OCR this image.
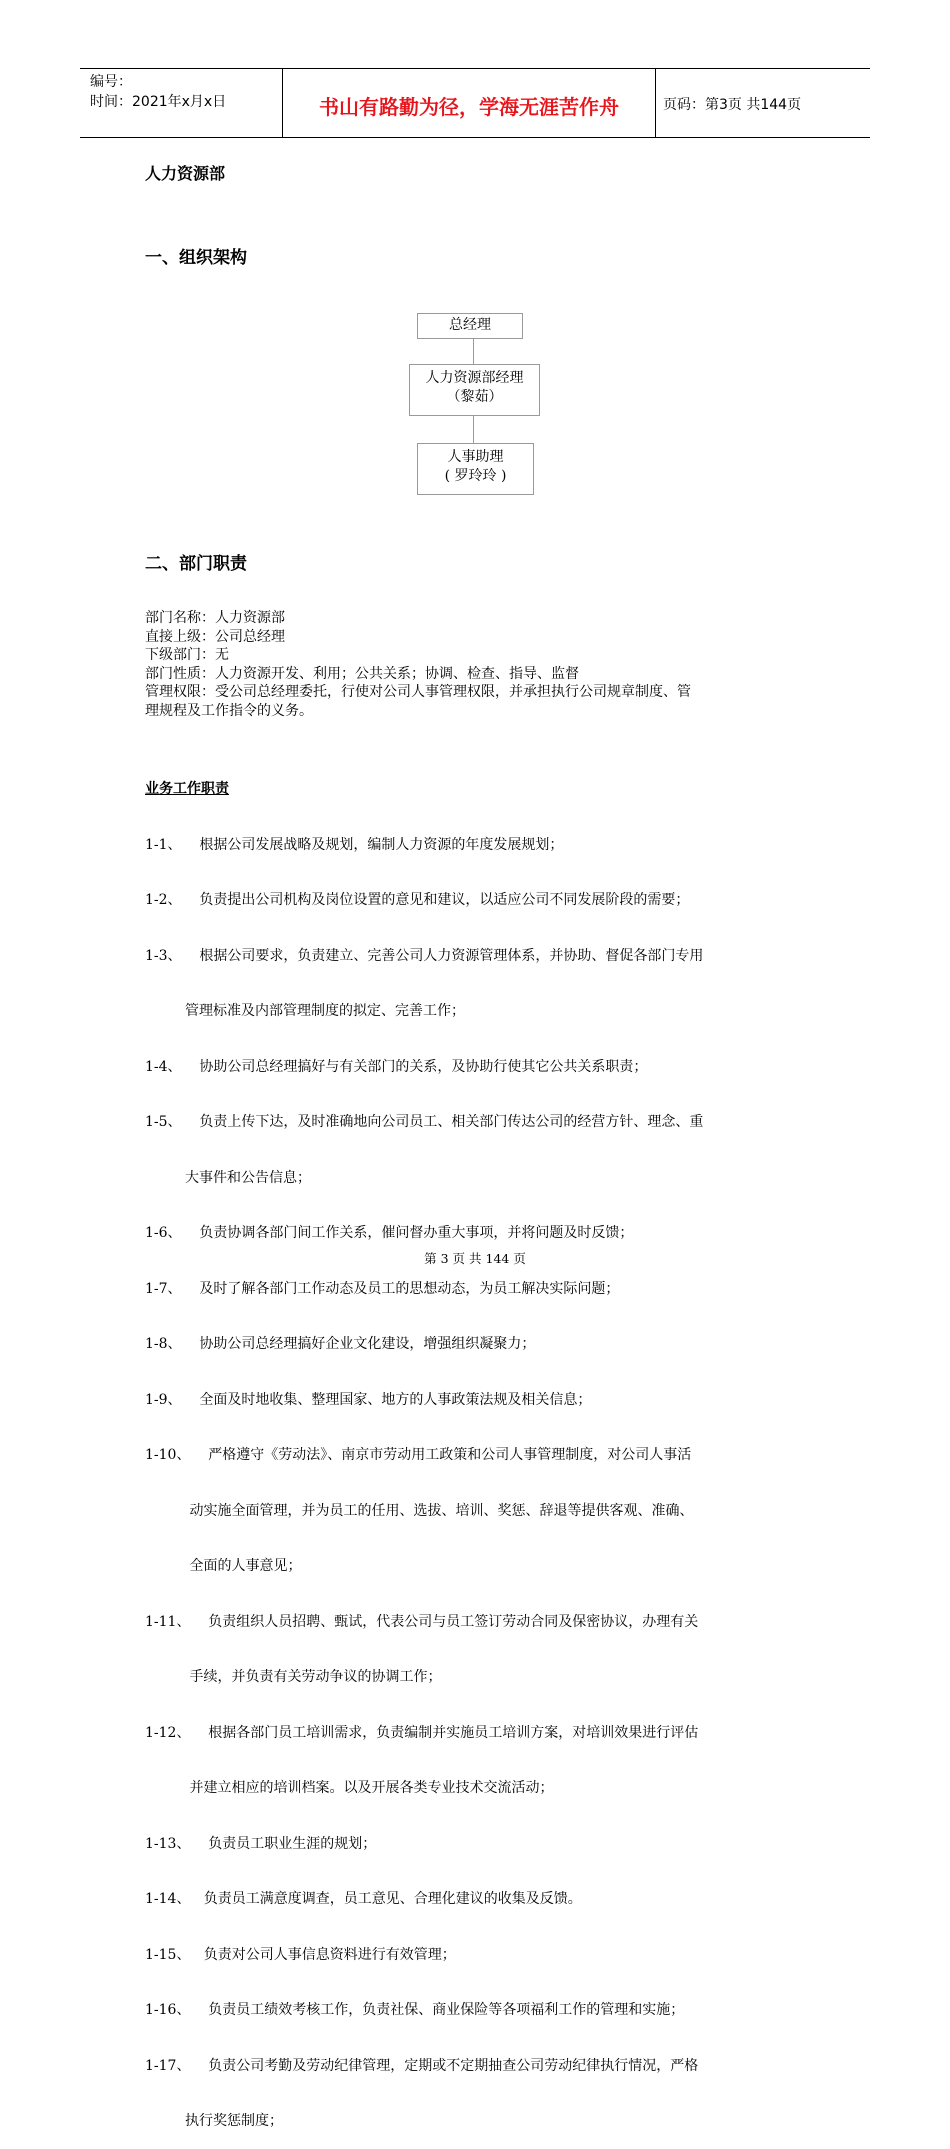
编号：
时间：2021年x月x日	书山有路勤为径，学海无涯苦作舟	页码：第3页 共144页
人力资源部
一、组织架构
总经理
人力资源部经理
（黎茹）
人事助理
( 罗玲玲 )
二、部门职责
部门名称：人力资源部
直接上级：公司总经理
下级部门：无
部门性质：人力资源开发、利用；公共关系；协调、检查、指导、监督
管理权限：受公司总经理委托，行使对公司人事管理权限，并承担执行公司规章制度、管
理规程及工作指令的义务。

业务工作职责

1-1、    根据公司发展战略及规划，编制人力资源的年度发展规划；

1-2、    负责提出公司机构及岗位设置的意见和建议，以适应公司不同发展阶段的需要；

1-3、    根据公司要求，负责建立、完善公司人力资源管理体系，并协助、督促各部门专用

管理标准及内部管理制度的拟定、完善工作；

1-4、    协助公司总经理搞好与有关部门的关系，及协助行使其它公共关系职责；

1-5、    负责上传下达，及时准确地向公司员工、相关部门传达公司的经营方针、理念、重

大事件和公告信息；

1-6、    负责协调各部门间工作关系，催问督办重大事项，并将问题及时反馈；

1-7、    及时了解各部门工作动态及员工的思想动态，为员工解决实际问题；

1-8、    协助公司总经理搞好企业文化建设，增强组织凝聚力；

1-9、    全面及时地收集、整理国家、地方的人事政策法规及相关信息；

1-10、    严格遵守《劳动法》、南京市劳动用工政策和公司人事管理制度，对公司人事活

动实施全面管理，并为员工的任用、选拔、培训、奖惩、辞退等提供客观、准确、

全面的人事意见；

1-11、    负责组织人员招聘、甄试，代表公司与员工签订劳动合同及保密协议，办理有关

手续，并负责有关劳动争议的协调工作；

1-12、    根据各部门员工培训需求，负责编制并实施员工培训方案，对培训效果进行评估

并建立相应的培训档案。以及开展各类专业技术交流活动；

1-13、    负责员工职业生涯的规划；

1-14、   负责员工满意度调查，员工意见、合理化建议的收集及反馈。

1-15、   负责对公司人事信息资料进行有效管理；

1-16、    负责员工绩效考核工作，负责社保、商业保险等各项福利工作的管理和实施；

1-17、    负责公司考勤及劳动纪律管理，定期或不定期抽查公司劳动纪律执行情况，严格

执行奖惩制度；

第 3 页 共 144 页
